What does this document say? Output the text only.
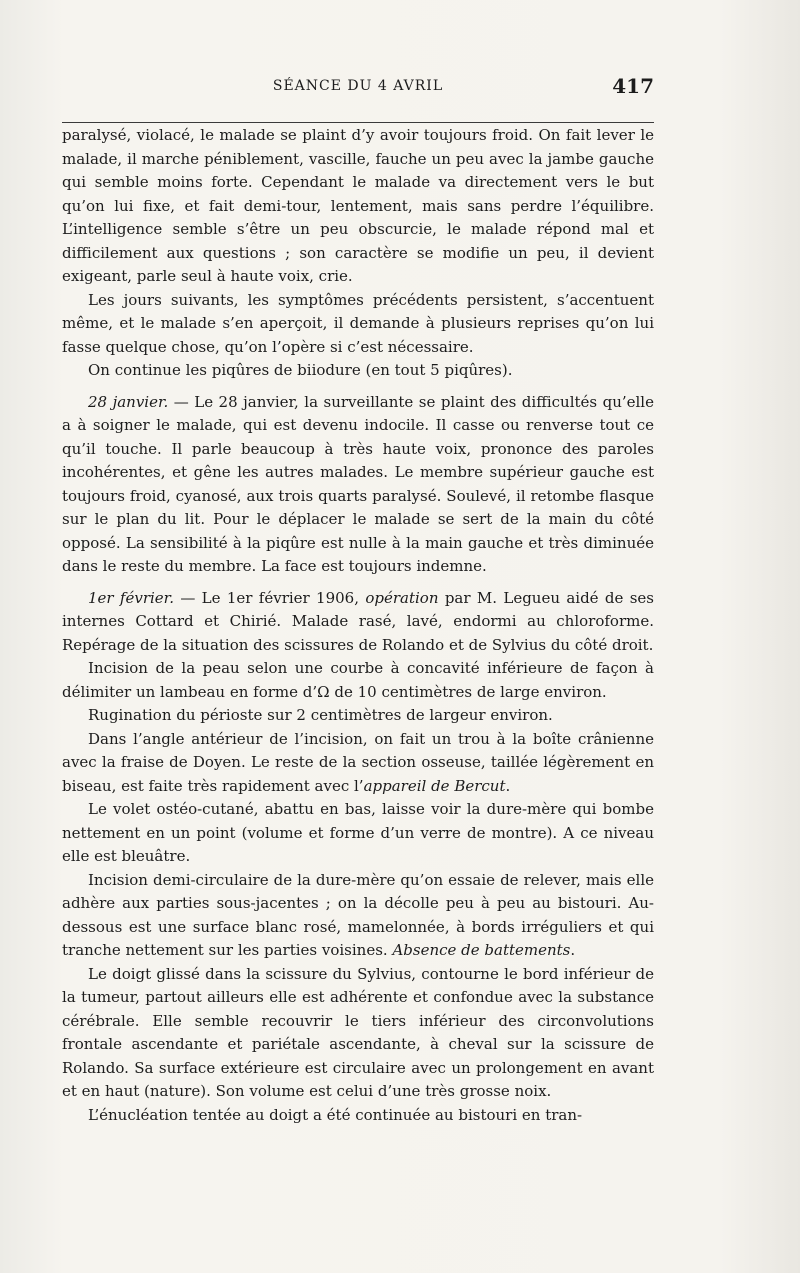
SÉANCE DU 4 AVRIL	417

paralysé, violacé, le malade se plaint d’y avoir toujours froid. On fait lever le malade, il marche péniblement, vascille, fauche un peu avec la jambe gauche qui semble moins forte. Cependant le malade va directement vers le but qu’on lui fixe, et fait demi-tour, lentement, mais sans perdre l’équilibre. L’intelligence semble s’être un peu obscurcie, le malade répond mal et difficilement aux questions ; son caractère se modifie un peu, il devient exigeant, parle seul à haute voix, crie.

Les jours suivants, les symptômes précédents persistent, s’accentuent même, et le malade s’en aperçoit, il demande à plusieurs reprises qu’on lui fasse quelque chose, qu’on l’opère si c’est nécessaire.

On continue les piqûres de biiodure (en tout 5 piqûres).

28 janvier. — Le 28 janvier, la surveillante se plaint des difficultés qu’elle a à soigner le malade, qui est devenu indocile. Il casse ou renverse tout ce qu’il touche. Il parle beaucoup à très haute voix, prononce des paroles incohérentes, et gêne les autres malades. Le membre supérieur gauche est toujours froid, cyanosé, aux trois quarts paralysé. Soulevé, il retombe flasque sur le plan du lit. Pour le déplacer le malade se sert de la main du côté opposé. La sensibilité à la piqûre est nulle à la main gauche et très diminuée dans le reste du membre. La face est toujours indemne.

1er février. — Le 1er février 1906, opération par M. Legueu aidé de ses internes Cottard et Chirié. Malade rasé, lavé, endormi au chloroforme. Repérage de la situation des scissures de Rolando et de Sylvius du côté droit.

Incision de la peau selon une courbe à concavité inférieure de façon à délimiter un lambeau en forme d’Ω de 10 centimètres de large environ.

Rugination du périoste sur 2 centimètres de largeur environ.

Dans l’angle antérieur de l’incision, on fait un trou à la boîte crânienne avec la fraise de Doyen. Le reste de la section osseuse, taillée légèrement en biseau, est faite très rapidement avec l’appareil de Bercut.

Le volet ostéo-cutané, abattu en bas, laisse voir la dure-mère qui bombe nettement en un point (volume et forme d’un verre de montre). A ce niveau elle est bleuâtre.

Incision demi-circulaire de la dure-mère qu’on essaie de relever, mais elle adhère aux parties sous-jacentes ; on la décolle peu à peu au bistouri. Au-dessous est une surface blanc rosé, mamelonnée, à bords irréguliers et qui tranche nettement sur les parties voisines. Absence de battements.

Le doigt glissé dans la scissure du Sylvius, contourne le bord inférieur de la tumeur, partout ailleurs elle est adhérente et confondue avec la substance cérébrale. Elle semble recouvrir le tiers inférieur des circonvolutions frontale ascendante et pariétale ascendante, à cheval sur la scissure de Rolando. Sa surface extérieure est circulaire avec un prolongement en avant et en haut (nature). Son volume est celui d’une très grosse noix.

L’énucléation tentée au doigt a été continuée au bistouri en tran-
